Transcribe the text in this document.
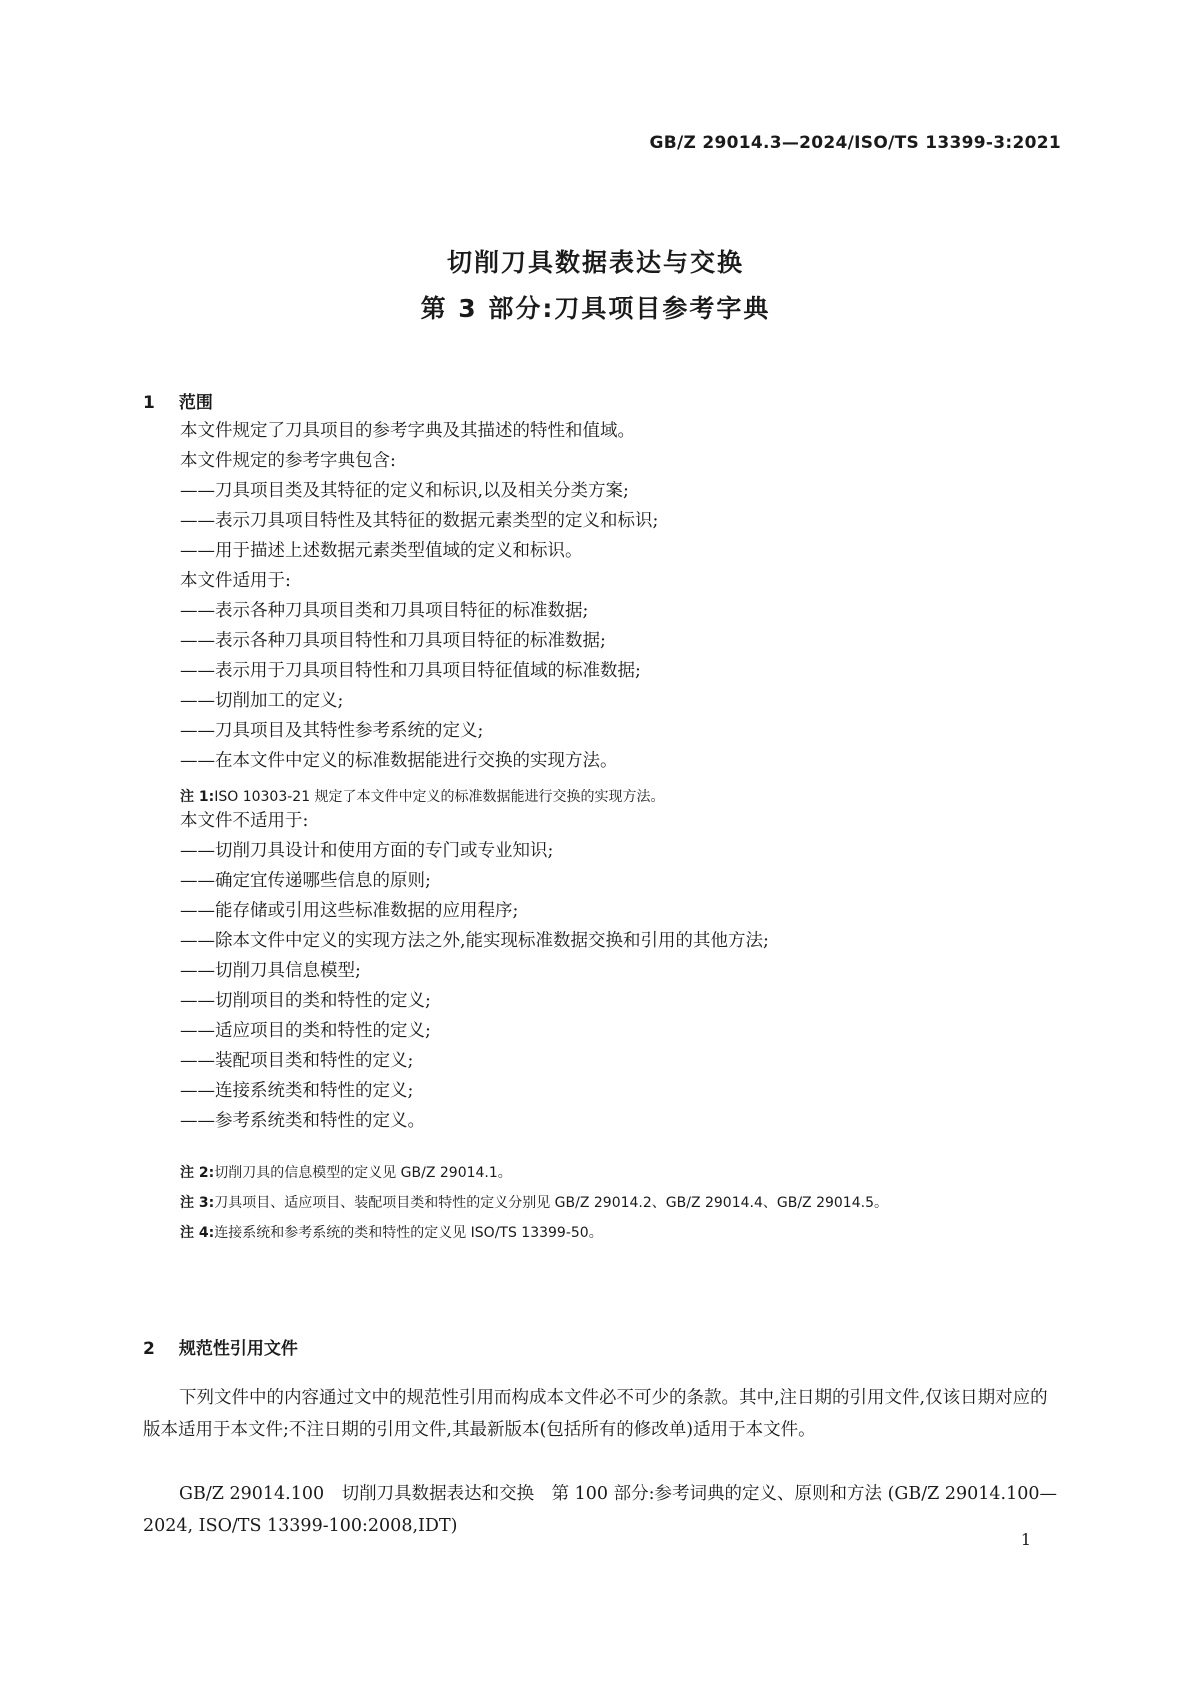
GB/Z 29014.3—2024/ISO/TS 13399-3:2021
切削刀具数据表达与交换
第 3 部分:刀具项目参考字典
1 范围
本文件规定了刀具项目的参考字典及其描述的特性和值域。
本文件规定的参考字典包含:
——刀具项目类及其特征的定义和标识,以及相关分类方案;
——表示刀具项目特性及其特征的数据元素类型的定义和标识;
——用于描述上述数据元素类型值域的定义和标识。
本文件适用于:
——表示各种刀具项目类和刀具项目特征的标准数据;
——表示各种刀具项目特性和刀具项目特征的标准数据;
——表示用于刀具项目特性和刀具项目特征值域的标准数据;
——切削加工的定义;
——刀具项目及其特性参考系统的定义;
——在本文件中定义的标准数据能进行交换的实现方法。
注 1:ISO 10303-21 规定了本文件中定义的标准数据能进行交换的实现方法。
本文件不适用于:
——切削刀具设计和使用方面的专门或专业知识;
——确定宜传递哪些信息的原则;
——能存储或引用这些标准数据的应用程序;
——除本文件中定义的实现方法之外,能实现标准数据交换和引用的其他方法;
——切削刀具信息模型;
——切削项目的类和特性的定义;
——适应项目的类和特性的定义;
——装配项目类和特性的定义;
——连接系统类和特性的定义;
——参考系统类和特性的定义。
注 2:切削刀具的信息模型的定义见 GB/Z 29014.1。
注 3:刀具项目、适应项目、装配项目类和特性的定义分别见 GB/Z 29014.2、GB/Z 29014.4、GB/Z 29014.5。
注 4:连接系统和参考系统的类和特性的定义见 ISO/TS 13399-50。
2 规范性引用文件
下列文件中的内容通过文中的规范性引用而构成本文件必不可少的条款。其中,注日期的引用文件,仅该日期对应的版本适用于本文件;不注日期的引用文件,其最新版本(包括所有的修改单)适用于本文件。
GB/Z 29014.100　切削刀具数据表达和交换　第 100 部分:参考词典的定义、原则和方法 (GB/Z 29014.100—2024, ISO/TS 13399-100:2008,IDT)
1
